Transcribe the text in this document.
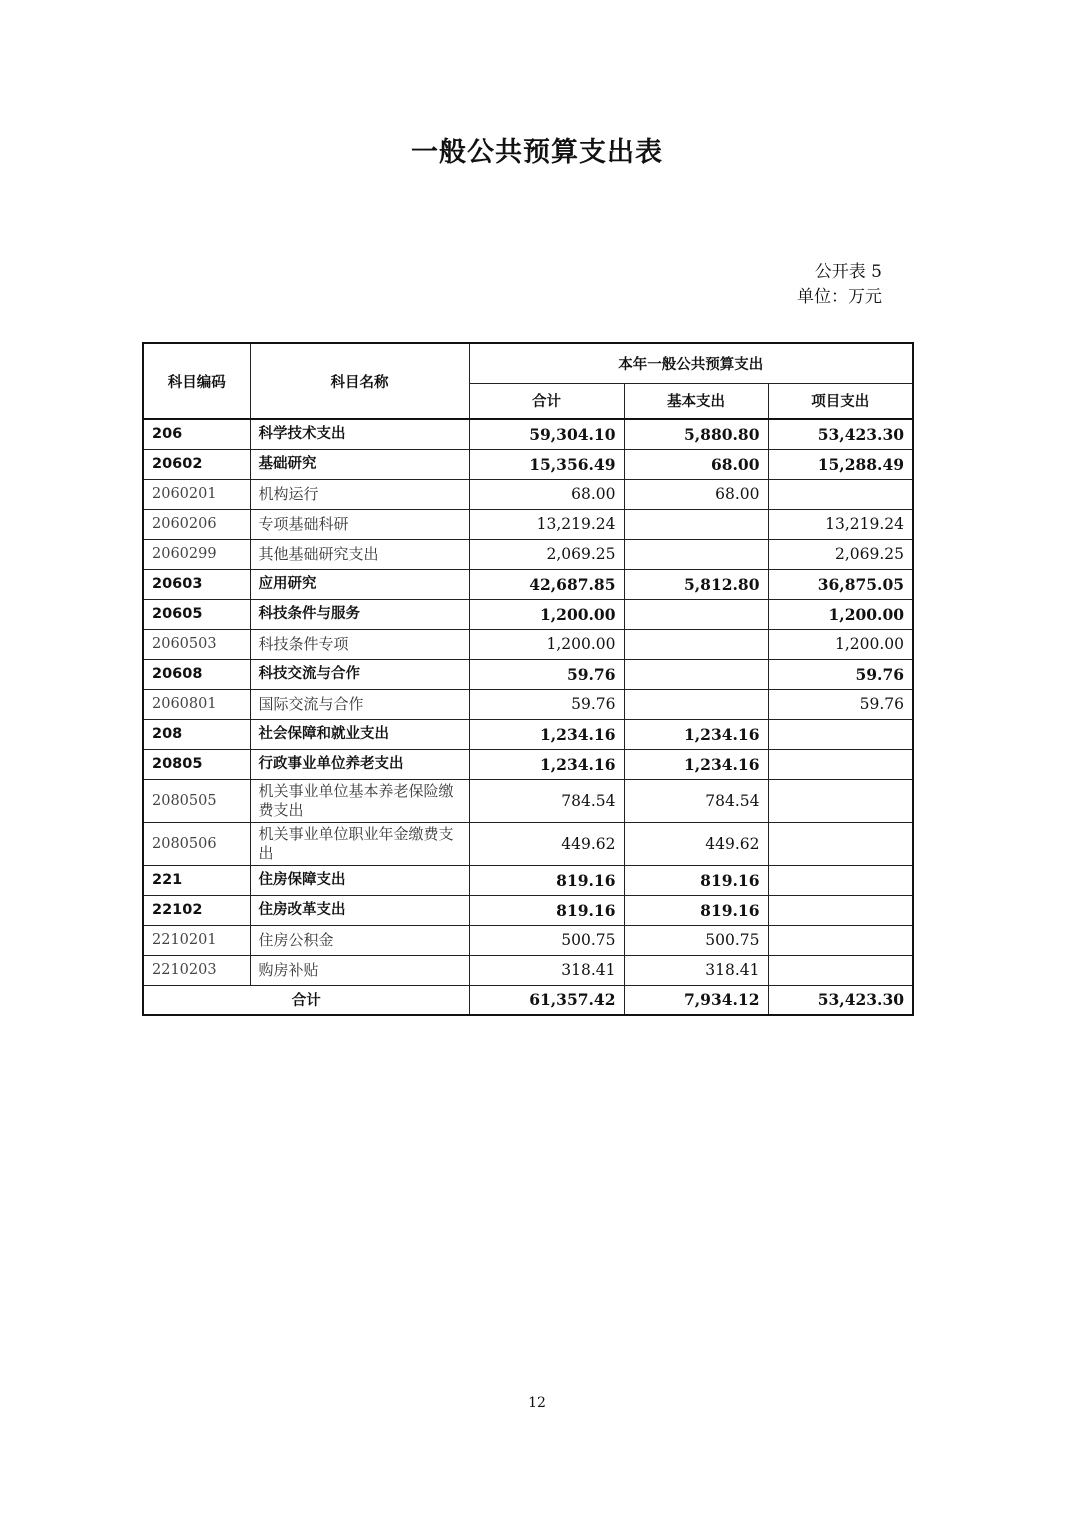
一般公共预算支出表
公开表 5
单位：万元
科目编码	科目名称	本年一般公共预算支出		
		合计	基本支出	项目支出
206	科学技术支出	59,304.10	5,880.80	53,423.30
20602	基础研究	15,356.49	68.00	15,288.49
2060201	机构运行	68.00	68.00	
2060206	专项基础科研	13,219.24		13,219.24
2060299	其他基础研究支出	2,069.25		2,069.25
20603	应用研究	42,687.85	5,812.80	36,875.05
20605	科技条件与服务	1,200.00		1,200.00
2060503	科技条件专项	1,200.00		1,200.00
20608	科技交流与合作	59.76		59.76
2060801	国际交流与合作	59.76		59.76
208	社会保障和就业支出	1,234.16	1,234.16	
20805	行政事业单位养老支出	1,234.16	1,234.16	
2080505	机关事业单位基本养老保险缴费支出	784.54	784.54	
2080506	机关事业单位职业年金缴费支出	449.62	449.62	
221	住房保障支出	819.16	819.16	
22102	住房改革支出	819.16	819.16	
2210201	住房公积金	500.75	500.75	
2210203	购房补贴	318.41	318.41	
合计		61,357.42	7,934.12	53,423.30
12
